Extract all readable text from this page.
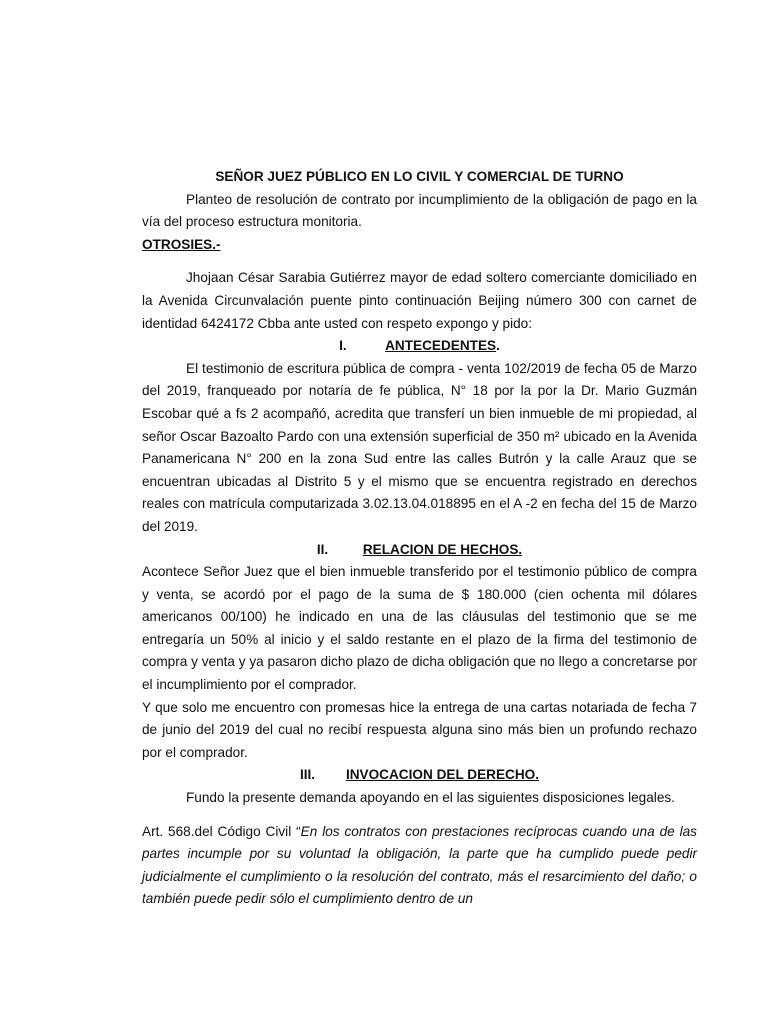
SEÑOR JUEZ PÚBLICO EN LO CIVIL Y COMERCIAL DE TURNO

Planteo de resolución de contrato por incumplimiento de la obligación de pago en la vía del proceso estructura monitoria.

OTROSIES.-

Jhojaan César Sarabia Gutiérrez mayor de edad soltero comerciante domiciliado en la Avenida Circunvalación puente pinto continuación Beijing número 300 con carnet de identidad 6424172 Cbba ante usted con respeto expongo y pido:

I.	ANTECEDENTES.

El testimonio de escritura pública de compra - venta 102/2019 de fecha 05 de Marzo del 2019, franqueado por notaría de fe pública, N° 18 por la por la Dr. Mario Guzmán Escobar qué a fs 2 acompañó, acredita que transferí un bien inmueble de mi propiedad, al señor Oscar Bazoalto Pardo con una extensión superficial de 350 m² ubicado en la Avenida Panamericana N° 200 en la zona Sud entre las calles Butrón y la calle Arauz que se encuentran ubicadas al Distrito 5 y el mismo que se encuentra registrado en derechos reales con matrícula computarizada 3.02.13.04.018895 en el A -2 en fecha del 15 de Marzo del 2019.

II.	RELACION DE HECHOS.

Acontece Señor Juez que el bien inmueble transferido por el testimonio público de compra y venta, se acordó por el pago de la suma de $ 180.000 (cien ochenta mil dólares americanos 00/100) he indicado en una de las cláusulas del testimonio que se me entregaría un 50% al inicio y el saldo restante en el plazo de la firma del testimonio de compra y venta y ya pasaron dicho plazo de dicha obligación que no llego a concretarse por el incumplimiento por el comprador.

Y que solo me encuentro con promesas hice la entrega de una cartas notariada de fecha 7 de junio del 2019 del cual no recibí respuesta alguna sino más bien un profundo rechazo por el comprador.

III. INVOCACION DEL DERECHO.

Fundo la presente demanda apoyando en el las siguientes disposiciones legales.

Art. 568.del Código Civil “En los contratos con prestaciones recíprocas cuando una de las partes incumple por su voluntad la obligación, la parte que ha cumplido puede pedir judicialmente el cumplimiento o la resolución del contrato, más el resarcimiento del daño; o también puede pedir sólo el cumplimiento dentro de un
